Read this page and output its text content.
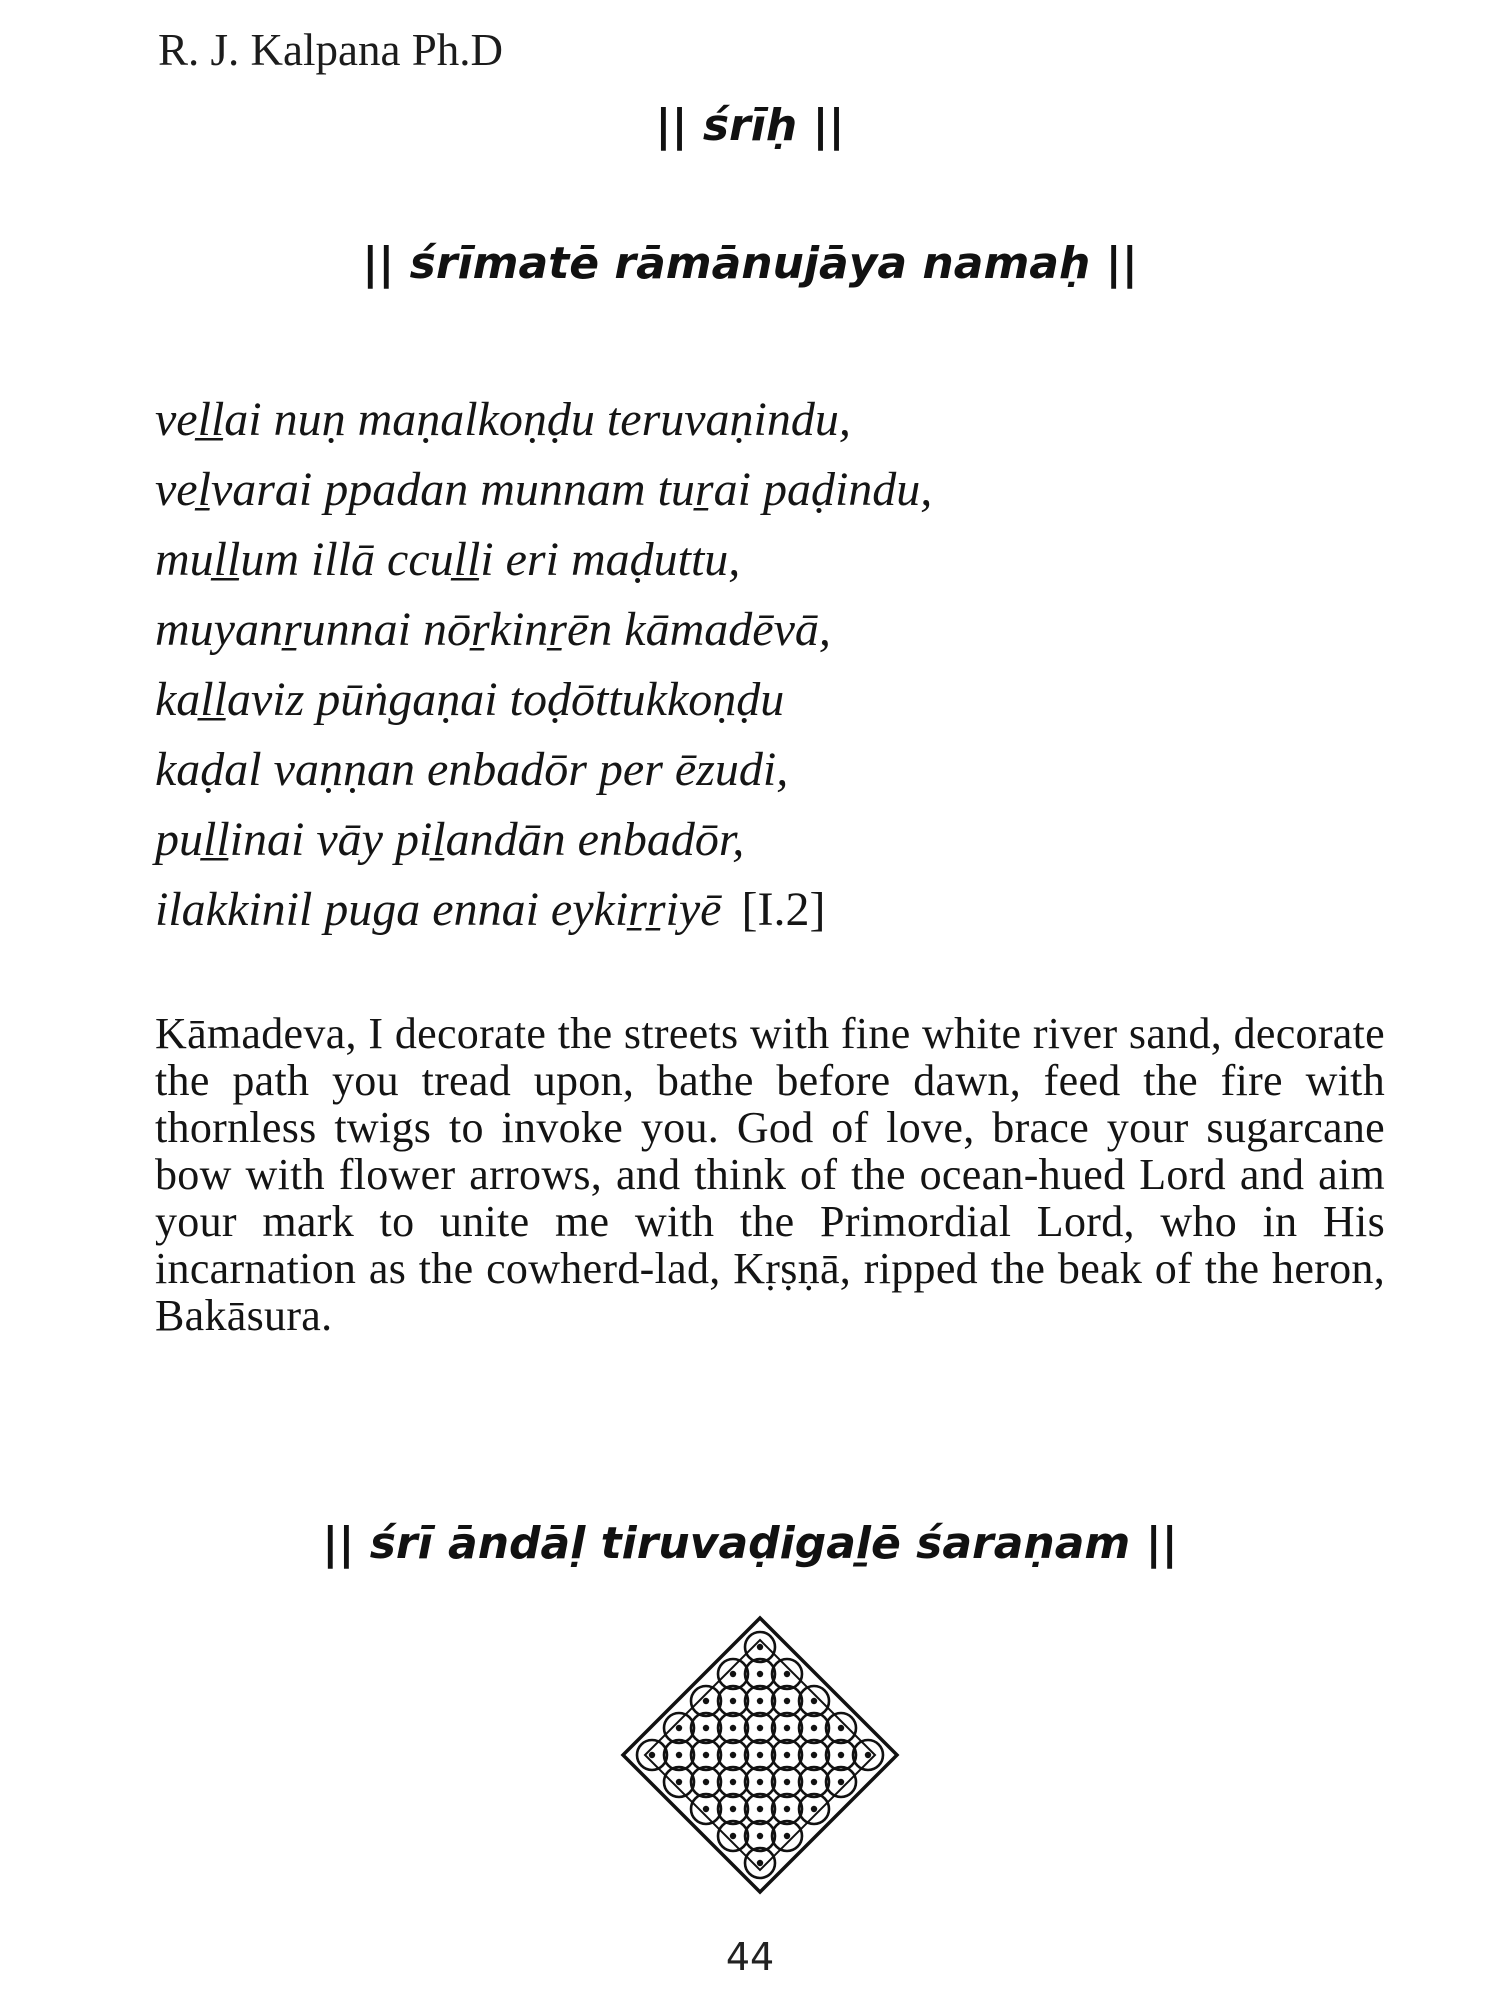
R. J. Kalpana Ph.D
|| śrīḥ ||
|| śrīmatē rāmānujāya namaḥ ||
veḻḻai nuṇ maṇalkoṇḍu teruvaṇindu,
veḻvarai ppadan munnam tuṟai paḍindu,
muḻḻum illā ccuḻḻi eri maḍuttu,
muyanṟunnai nōṟkinṟēn kāmadēvā,
kaḻḻaviz pūṅgaṇai toḍōttukkoṇḍu
kaḍal vaṇṇan enbadōr per ēzudi,
puḻḻinai vāy piḻandān enbadōr,
ilakkinil puga ennai eykiṟṟiyē [I.2]

Kāmadeva, I decorate the streets with fine white river sand, decorate the path you tread upon, bathe before dawn, feed the fire with thornless twigs to invoke you. God of love, brace your sugarcane bow with flower arrows, and think of the ocean-hued Lord and aim your mark to unite me with the Primordial Lord, who in His incarnation as the cowherd-lad, Kṛṣṇā, ripped the beak of the heron, Bakāsura.

|| śrī āndāḷ tiruvaḍigaḻē śaraṇam ||
44
